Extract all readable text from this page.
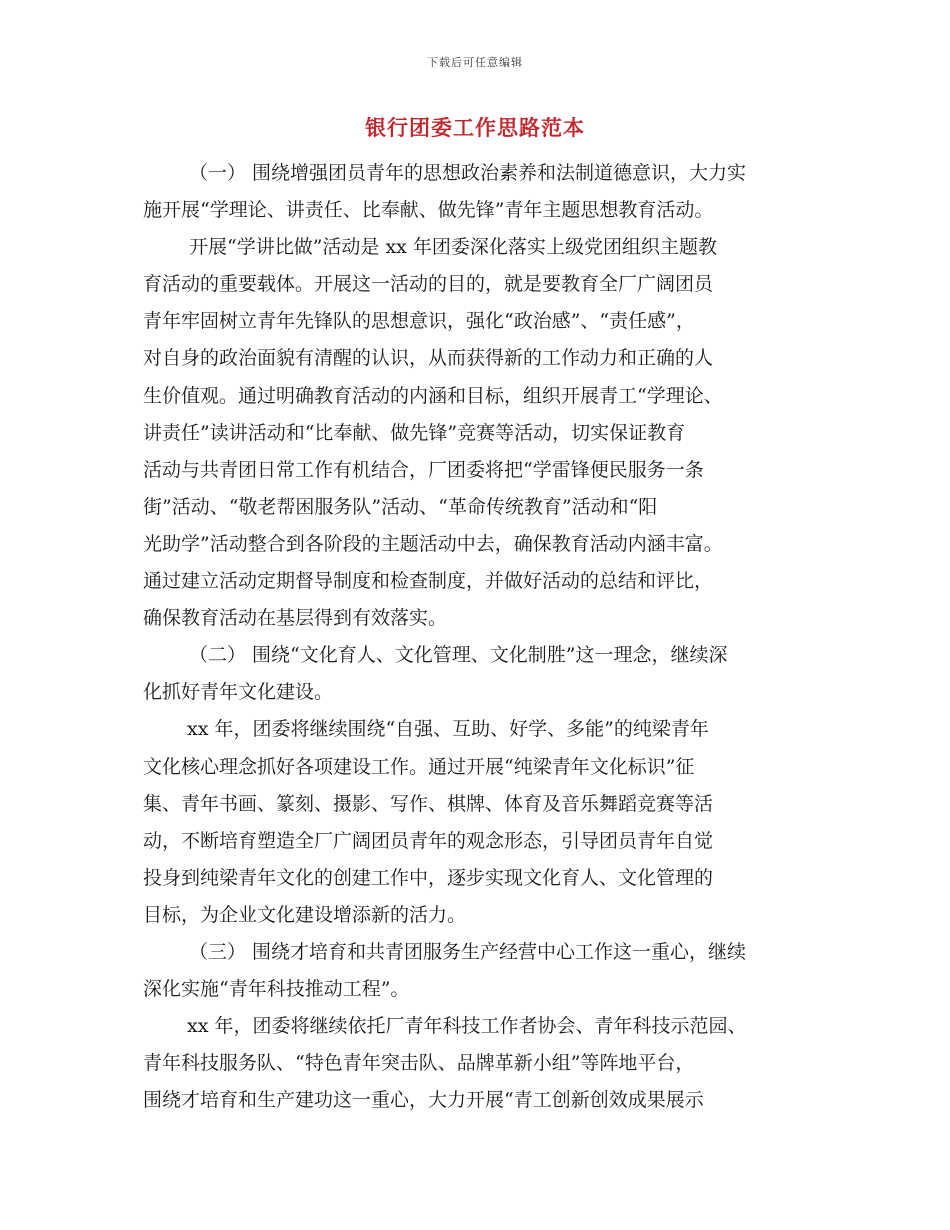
下载后可任意编辑
银行团委工作思路范本
（一） 围绕增强团员青年的思想政治素养和法制道德意识，大力实
施开展“学理论、讲责任、比奉献、做先锋”青年主题思想教育活动。
开展“学讲比做”活动是 xx 年团委深化落实上级党团组织主题教
育活动的重要载体。开展这一活动的目的，就是要教育全厂广阔团员
青年牢固树立青年先锋队的思想意识，强化“政治感”、“责任感”，
对自身的政治面貌有清醒的认识，从而获得新的工作动力和正确的人
生价值观。通过明确教育活动的内涵和目标，组织开展青工“学理论、
讲责任”读讲活动和“比奉献、做先锋”竞赛等活动，切实保证教育
活动与共青团日常工作有机结合，厂团委将把“学雷锋便民服务一条
街”活动、“敬老帮困服务队”活动、“革命传统教育”活动和“阳
光助学”活动整合到各阶段的主题活动中去，确保教育活动内涵丰富。
通过建立活动定期督导制度和检查制度，并做好活动的总结和评比，
确保教育活动在基层得到有效落实。
（二） 围绕“文化育人、文化管理、文化制胜”这一理念，继续深
化抓好青年文化建设。
xx 年，团委将继续围绕“自强、互助、好学、多能”的纯梁青年
文化核心理念抓好各项建设工作。通过开展“纯梁青年文化标识”征
集、青年书画、篆刻、摄影、写作、棋牌、体育及音乐舞蹈竞赛等活
动，不断培育塑造全厂广阔团员青年的观念形态，引导团员青年自觉
投身到纯梁青年文化的创建工作中，逐步实现文化育人、文化管理的
目标，为企业文化建设增添新的活力。
（三） 围绕才培育和共青团服务生产经营中心工作这一重心，继续
深化实施“青年科技推动工程”。
xx 年，团委将继续依托厂青年科技工作者协会、青年科技示范园、
青年科技服务队、“特色青年突击队、品牌革新小组”等阵地平台，
围绕才培育和生产建功这一重心，大力开展“青工创新创效成果展示
